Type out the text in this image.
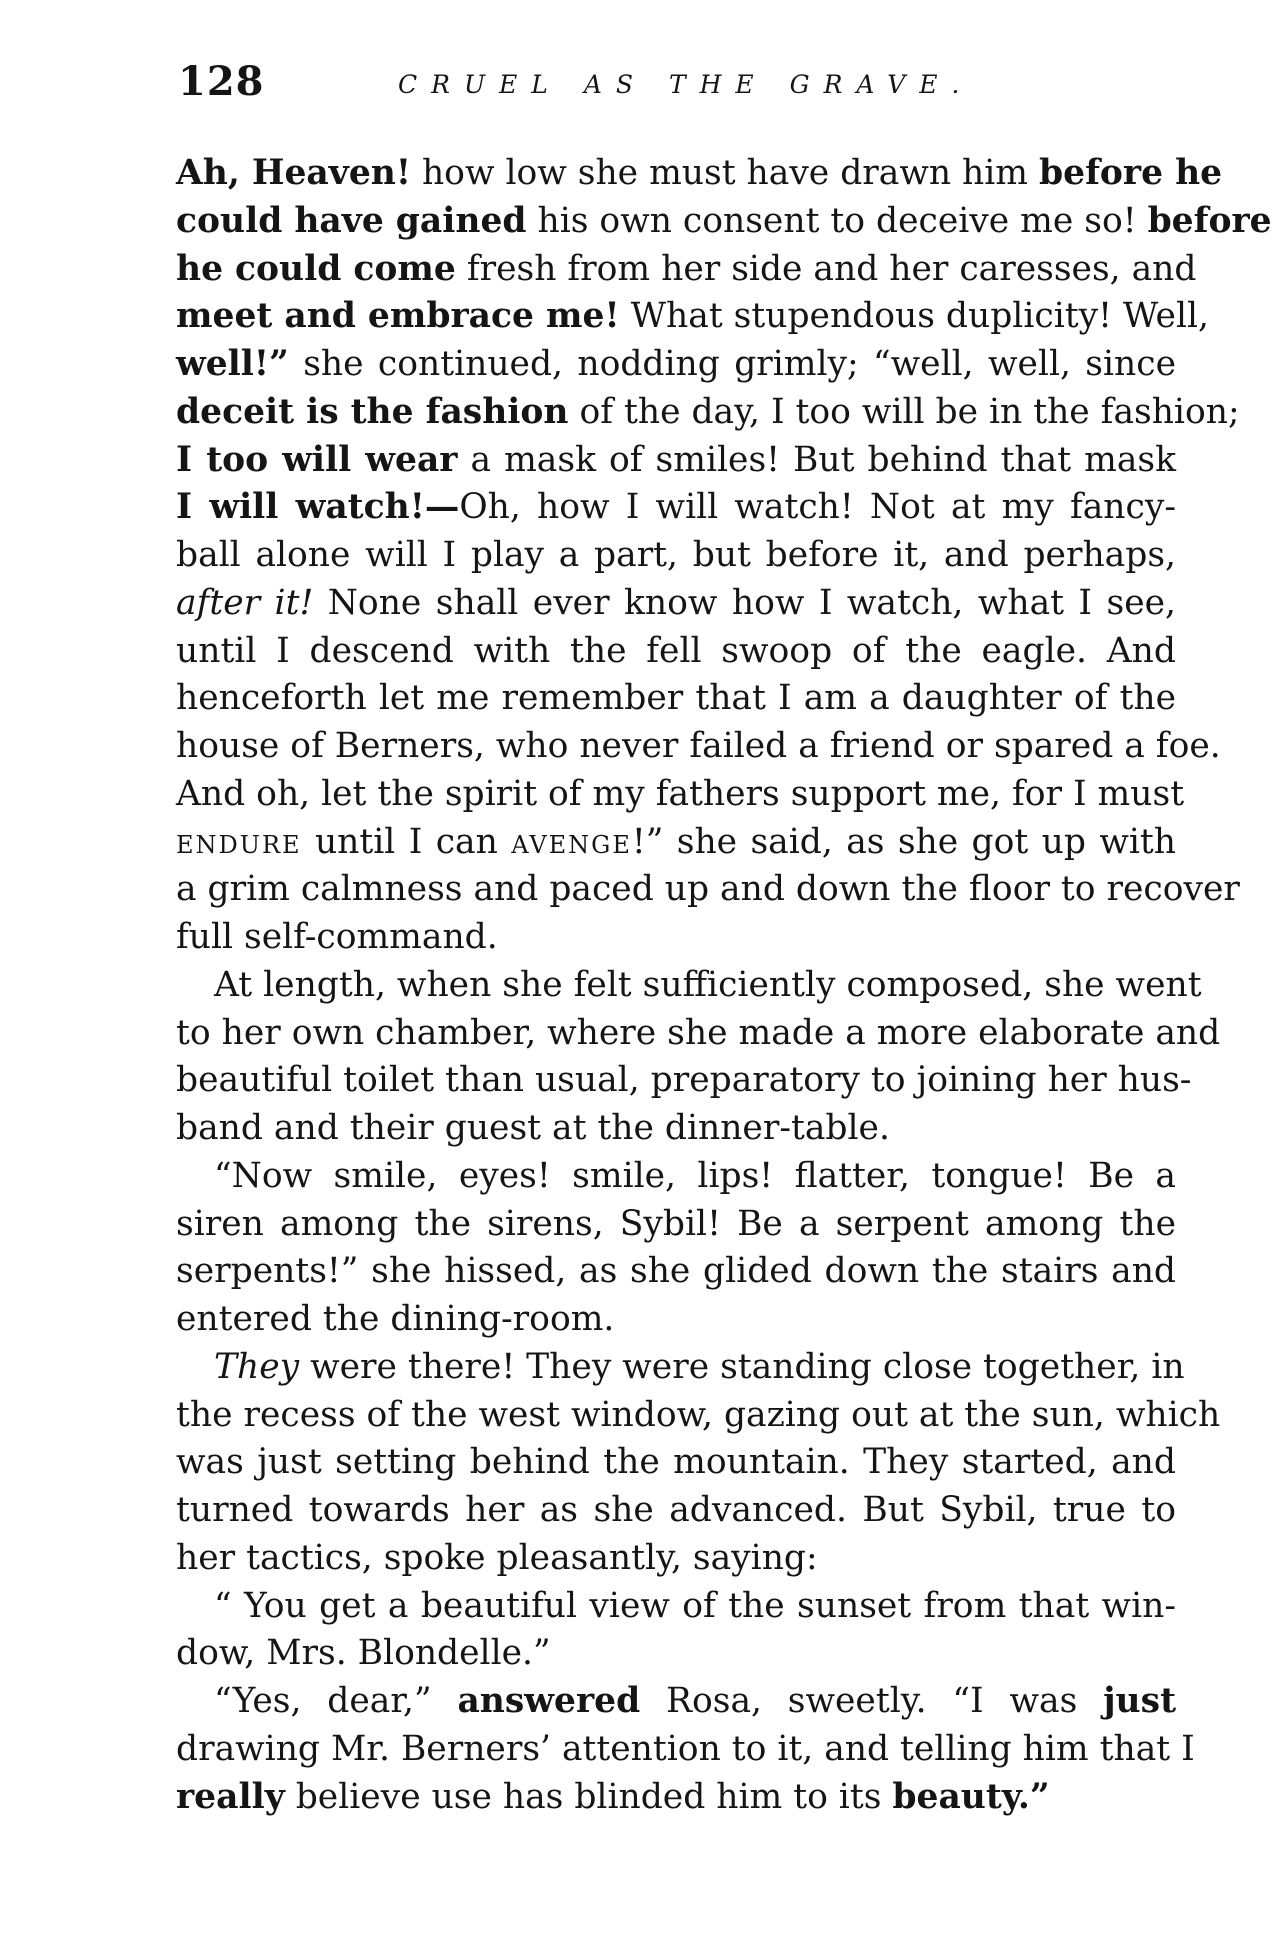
128	CRUEL AS THE GRAVE.
Ah, Heaven! how low she must have drawn him before he
could have gained his own consent to deceive me so! before
he could come fresh from her side and her caresses, and
meet and embrace me! What stupendous duplicity! Well,
well!” she continued, nodding grimly; “well, well, since
deceit is the fashion of the day, I too will be in the fashion;
I too will wear a mask of smiles! But behind that mask
I will watch!—Oh, how I will watch! Not at my fancy-
ball alone will I play a part, but before it, and perhaps,
after it! None shall ever know how I watch, what I see,
until I descend with the fell swoop of the eagle. And
henceforth let me remember that I am a daughter of the
house of Berners, who never failed a friend or spared a foe.
And oh, let the spirit of my fathers support me, for I must
endure until I can avenge!” she said, as she got up with
a grim calmness and paced up and down the floor to recover
full self-command.
At length, when she felt sufficiently composed, she went
to her own chamber, where she made a more elaborate and
beautiful toilet than usual, preparatory to joining her hus-
band and their guest at the dinner-table.
“Now smile, eyes! smile, lips! flatter, tongue! Be a
siren among the sirens, Sybil! Be a serpent among the
serpents!” she hissed, as she glided down the stairs and
entered the dining-room.
They were there! They were standing close together, in
the recess of the west window, gazing out at the sun, which
was just setting behind the mountain. They started, and
turned towards her as she advanced. But Sybil, true to
her tactics, spoke pleasantly, saying:
“ You get a beautiful view of the sunset from that win-
dow, Mrs. Blondelle.”
“Yes, dear,” answered Rosa, sweetly. “I was just
drawing Mr. Berners’ attention to it, and telling him that I
really believe use has blinded him to its beauty.”
